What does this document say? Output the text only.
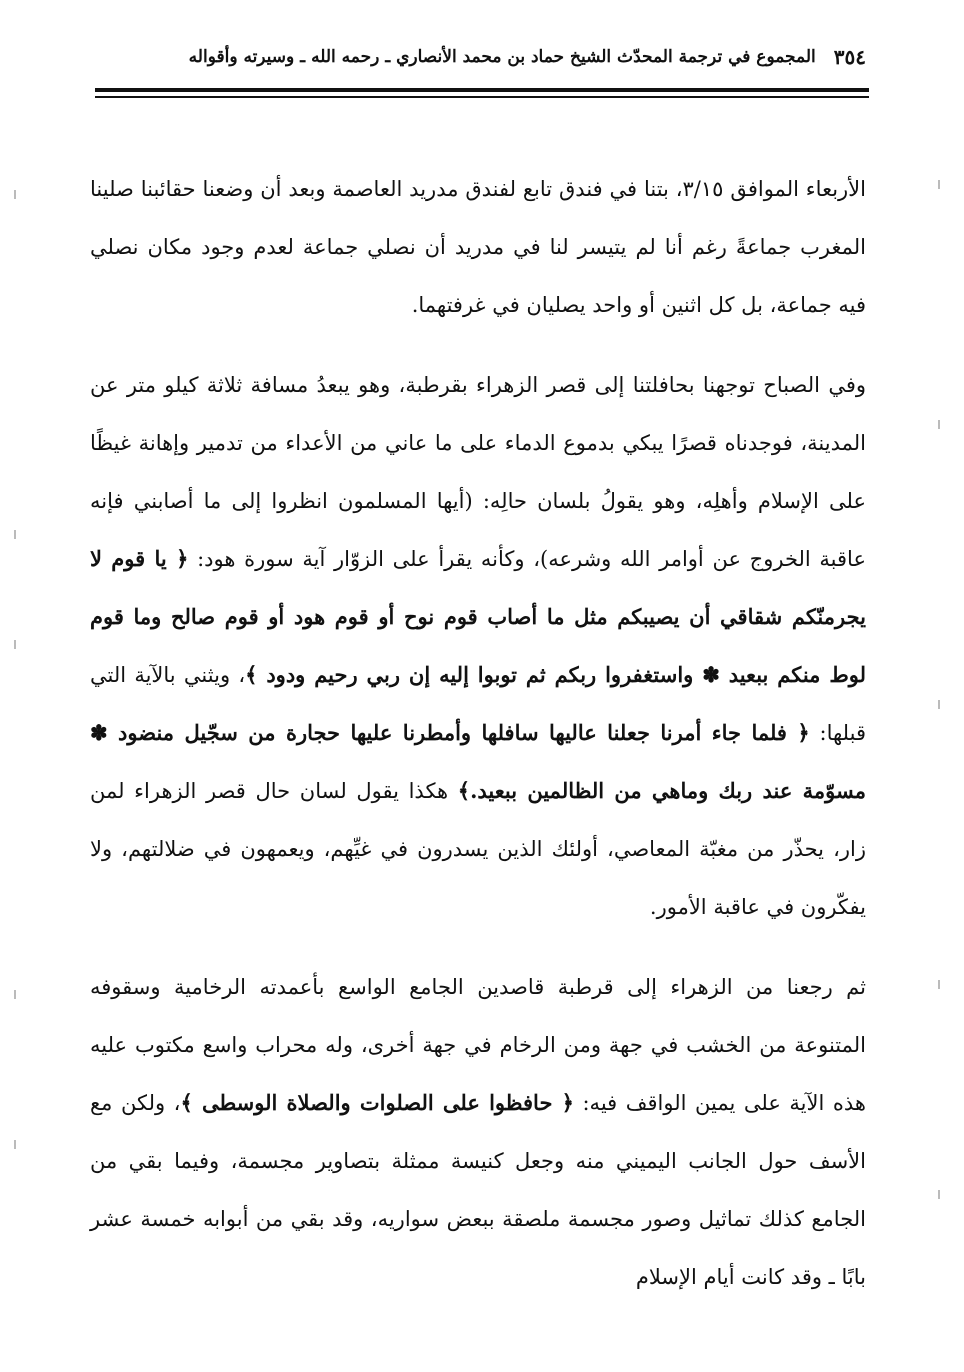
٣٥٤
المجموع في ترجمة المحدّث الشيخ حماد بن محمد الأنصاري ـ رحمه الله ـ وسيرته وأقواله

الأربعاء الموافق ٣/١٥، بتنا في فندق تابع لفندق مدريد العاصمة وبعد أن وضعنا حقائبنا صلينا المغرب جماعةً رغم أنا لم يتيسر لنا في مدريد أن نصلي جماعة لعدم وجود مكان نصلي فيه جماعة، بل كل اثنين أو واحد يصليان في غرفتهما.

وفي الصباح توجهنا بحافلتنا إلى قصر الزهراء بقرطبة، وهو يبعدُ مسافة ثلاثة كيلو متر عن المدينة، فوجدناه قصرًا يبكي بدموع الدماء على ما عاني من الأعداء من تدمير وإهانة غيظًا على الإسلام وأهلِه، وهو يقولُ بلسان حالِه: (أيها المسلمون انظروا إلى ما أصابني فإنه عاقبة الخروج عن أوامر الله وشرعه)، وكأنه يقرأ على الزوّار آية سورة هود: ﴿ يا قوم لا يجرمنّكم شقاقي أن يصيبكم مثل ما أصاب قوم نوح أو قوم هود أو قوم صالح وما قوم لوط منكم ببعيد ✽ واستغفروا ربكم ثم توبوا إليه إن ربي رحيم ودود ﴾، ويثني بالآية التي قبلها: ﴿ فلما جاء أمرنا جعلنا عاليها سافلها وأمطرنا عليها حجارة من سجّيل منضود ✽ مسوّمة عند ربك وماهي من الظالمين ببعيد.﴾ هكذا يقول لسان حال قصر الزهراء لمن زار، يحذّر من مغبّة المعاصي، أولئك الذين يسدرون في غيِّهم، ويعمهون في ضلالتهم، ولا يفكّرون في عاقبة الأمور.

ثم رجعنا من الزهراء إلى قرطبة قاصدين الجامع الواسع بأعمدته الرخامية وسقوفه المتنوعة من الخشب في جهة ومن الرخام في جهة أخرى، وله محراب واسع مكتوب عليه هذه الآية على يمين الواقف فيه: ﴿ حافظوا على الصلوات والصلاة الوسطى ﴾، ولكن مع الأسف حول الجانب اليميني منه وجعل كنيسة ممثلة بتصاوير مجسمة، وفيما بقي من الجامع كذلك تماثيل وصور مجسمة ملصقة ببعض سواريه، وقد بقي من أبوابه خمسة عشر بابًا ـ وقد كانت أيام الإسلام
